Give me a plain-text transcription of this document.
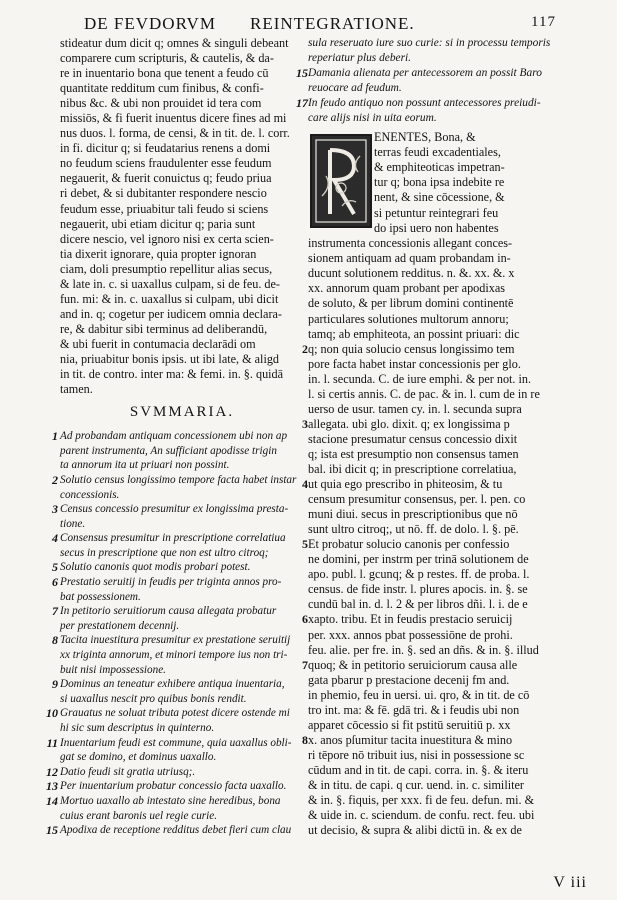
DE FEVDORVM REINTEGRATIONE.	117
stideatur dum dicit q; omnes & singuli debeant
comparere cum scripturis, & cautelis, & da-
re in inuentario bona que tenent a feudo cū
quantitate redditum cum finibus, & confi-
nibus &c. & ubi non prouidet id tera com
missiōs, & fi fuerit inuentus dicere fines ad mi
nus duos. l. forma, de censi, & in tit. de. l. corr.
in fi. dicitur q; si feudatarius renens a domi
no feudum sciens fraudulenter esse feudum
negauerit, & fuerit conuictus q; feudo priua
ri debet, & si dubitanter respondere nescio
feudum esse, priuabitur tali feudo si sciens
negauerit, ubi etiam dicitur q; paria sunt
dicere nescio, vel ignoro nisi ex certa scien-
tia dixerit ignorare, quia propter ignoran
ciam, doli presumptio repellitur alias secus,
& late in. c. si uaxallus culpam, si de feu. de-
fun. mi: & in. c. uaxallus si culpam, ubi dicit
and in. q; cogetur per iudicem omnia declara-
re, & dabitur sibi terminus ad deliberandū,
& ubi fuerit in contumacia declarādi om
nia, priuabitur bonis ipsis. ut ibi late, & aligd
in tit. de contro. inter ma: & femi. in. §. quidā
tamen.
SVMMARIA.
1 Ad probandam antiquam concessionem ubi non ap
parent instrumenta, An sufficiant apodisse trigin
ta annorum ita ut priuari non possint.
2 Solutio census longissimo tempore facta habet instar
concessionis.
3 Census concessio presumitur ex longissima presta-
tione.
4 Consensus presumitur in prescriptione correlatiua
secus in prescriptione que non est ultro citroq;
5 Solutio canonis quot modis probari potest.
6 Prestatio seruitij in feudis per triginta annos pro-
bat possessionem.
7 In petitorio seruitiorum causa allegata probatur
per prestationem decennij.
8 Tacita inuestitura presumitur ex prestatione seruitij
xx triginta annorum, et minori tempore ius non tri-
buit nisi impossessione.
9 Dominus an teneatur exhibere antiqua inuentaria,
si uaxallus nescit pro quibus bonis rendit.
10 Grauatus ne soluat tributa potest dicere ostende mi
hi sic sum descriptus in quinterno.
11 Inuentarium feudi est commune, quia uaxallus obli-
gat se domino, et dominus uaxallo.
12 Datio feudi sit gratia utriusq;.
13 Per inuentarium probatur concessio facta uaxallo.
14 Mortuo uaxallo ab intestato sine heredibus, bona
cuius erant baronis uel regie curie.
15 Apodixa de receptione redditus debet fieri cum clau
sula reseruato iure suo curie: si in processu temporis
reperiatur plus deberi.
15 Damania alienata per antecessorem an possit Baro
reuocare ad feudum.
17 In feudo antiquo non possunt antecessores preiudi-
care alijs nisi in uita eorum.
ENENTES, Bona, &
terras feudi excadentiales,
& emphiteoticas impetran-
tur q; bona ipsa indebite re
nent, & sine cōcessione, &
si petuntur reintegrari feu
do ipsi uero non habentes
instrumenta concessionis allegant conces-
sionem antiquam ad quam probandam in-
ducunt solutionem redditus. n. &. xx. &. x
xx. annorum quam probant per apodixas
de soluto, & per librum domini continentē
particulares solutiones multorum annoru;
tamq; ab emphiteota, an possint priuari: dic
2 q; non quia solucio census longissimo tem
pore facta habet instar concessionis per glo.
in. l. secunda. C. de iure emphi. & per not. in.
l. si certis annis. C. de pac. & in. l. cum de in re
uerso de usur. tamen cy. in. l. secunda supra
3 allegata. ubi glo. dixit. q; ex longissima p
stacione presumatur census concessio dixit
q; ista est presumptio non consensus tamen
bal. ibi dicit q; in prescriptione correlatiua,
4 ut quia ego prescribo in phiteosim, & tu
censum presumitur consensus, per. l. pen. co
muni diui. secus in prescriptionibus que nō
sunt ultro citroq;, ut nō. ff. de dolo. l. §. pē.
5 Et probatur solucio canonis per confessio
ne domini, per instrm per trinā solutionem de
apo. publ. l. gcunq; & p restes. ff. de proba. l.
census. de fide instr. l. plures apocis. in. §. se
cundū bal in. d. l. 2 & per libros dñi. l. i. de e
6 xapto. tribu. Et in feudis prestacio seruicij
per. xxx. annos pbat possessiōne de prohi.
feu. alie. per fre. in. §. sed an dñs. & in. §. illud
7 quoq; & in petitorio seruiciorum causa alle
gata pbarur p prestacione decenij fm and.
in phemio, feu in uersi. ui. qro, & in tit. de cō
tro int. ma: & fē. gdā tri. & i feudis ubi non
apparet cōcessio si fit pstitū seruitiū p. xx
8 x. anos pſumitur tacita inuestitura & mino
ri tēpore nō tribuit ius, nisi in possessione sc
cūdum and in tit. de capi. corra. in. §. & iteru
& in titu. de capi. q cur. uend. in. c. similiter
& in. §. fiquis, per xxx. fi de feu. defun. mi. &
& uide in. c. sciendum. de confu. rect. feu. ubi
ut decisio, & supra & alibi dictū in. & ex de
V iii
